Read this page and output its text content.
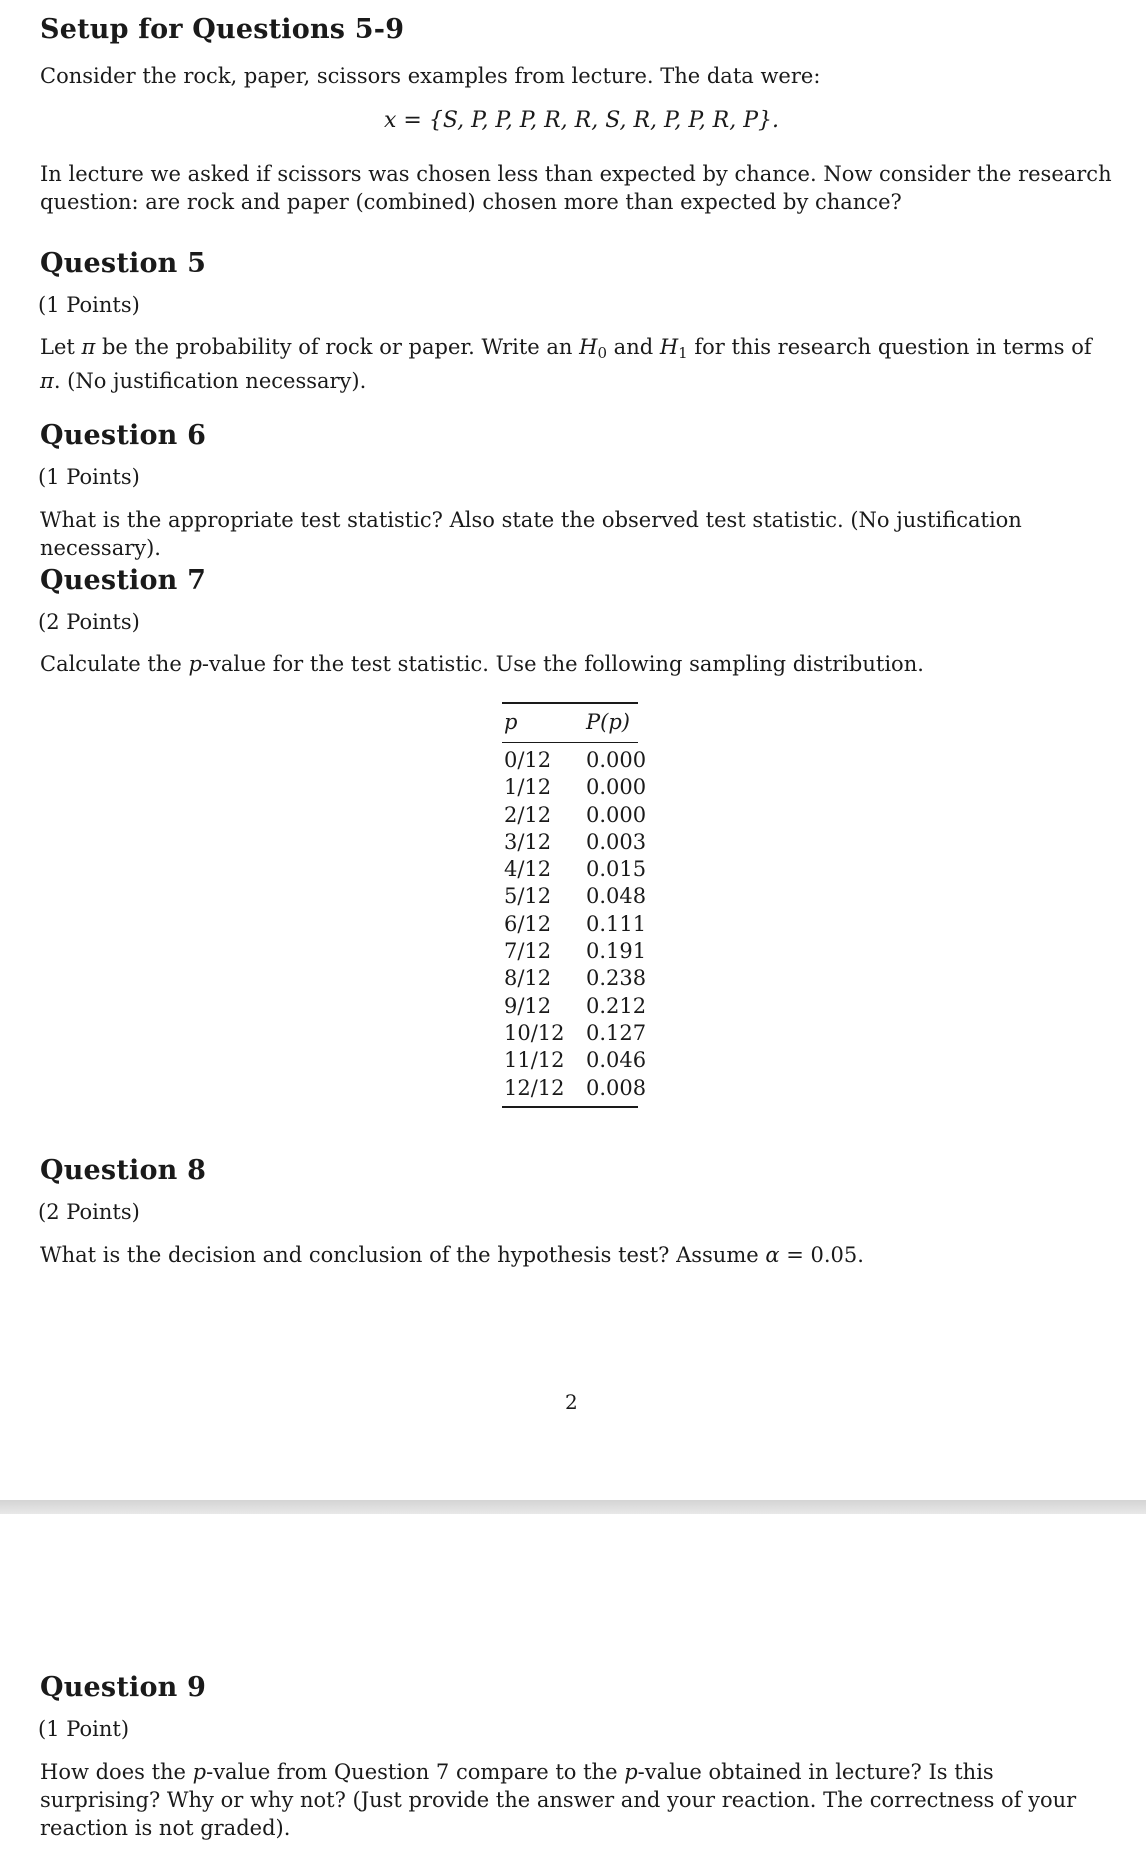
Setup for Questions 5-9

Consider the rock, paper, scissors examples from lecture. The data were:

x = {S, P, P, P, R, R, S, R, P, P, R, P}.

In lecture we asked if scissors was chosen less than expected by chance. Now consider the research question: are rock and paper (combined) chosen more than expected by chance?

Question 5

(1 Points)

Let π be the probability of rock or paper. Write an H0 and H1 for this research question in terms of π. (No justification necessary).

Question 6

(1 Points)

What is the appropriate test statistic? Also state the observed test statistic. (No justification necessary).

Question 7

(2 Points)

Calculate the p-value for the test statistic. Use the following sampling distribution.

p	P(p)
0/12 0.000
1/12 0.000
2/12 0.000
3/12 0.003
4/12 0.015
5/12 0.048
6/12 0.111
7/12 0.191
8/12 0.238
9/12 0.212
10/12 0.127
11/12 0.046
12/12 0.008
Question 8

(2 Points)

What is the decision and conclusion of the hypothesis test? Assume α = 0.05.

2
Question 9

(1 Point)

How does the p-value from Question 7 compare to the p-value obtained in lecture? Is this surprising? Why or why not? (Just provide the answer and your reaction. The correctness of your reaction is not graded).
